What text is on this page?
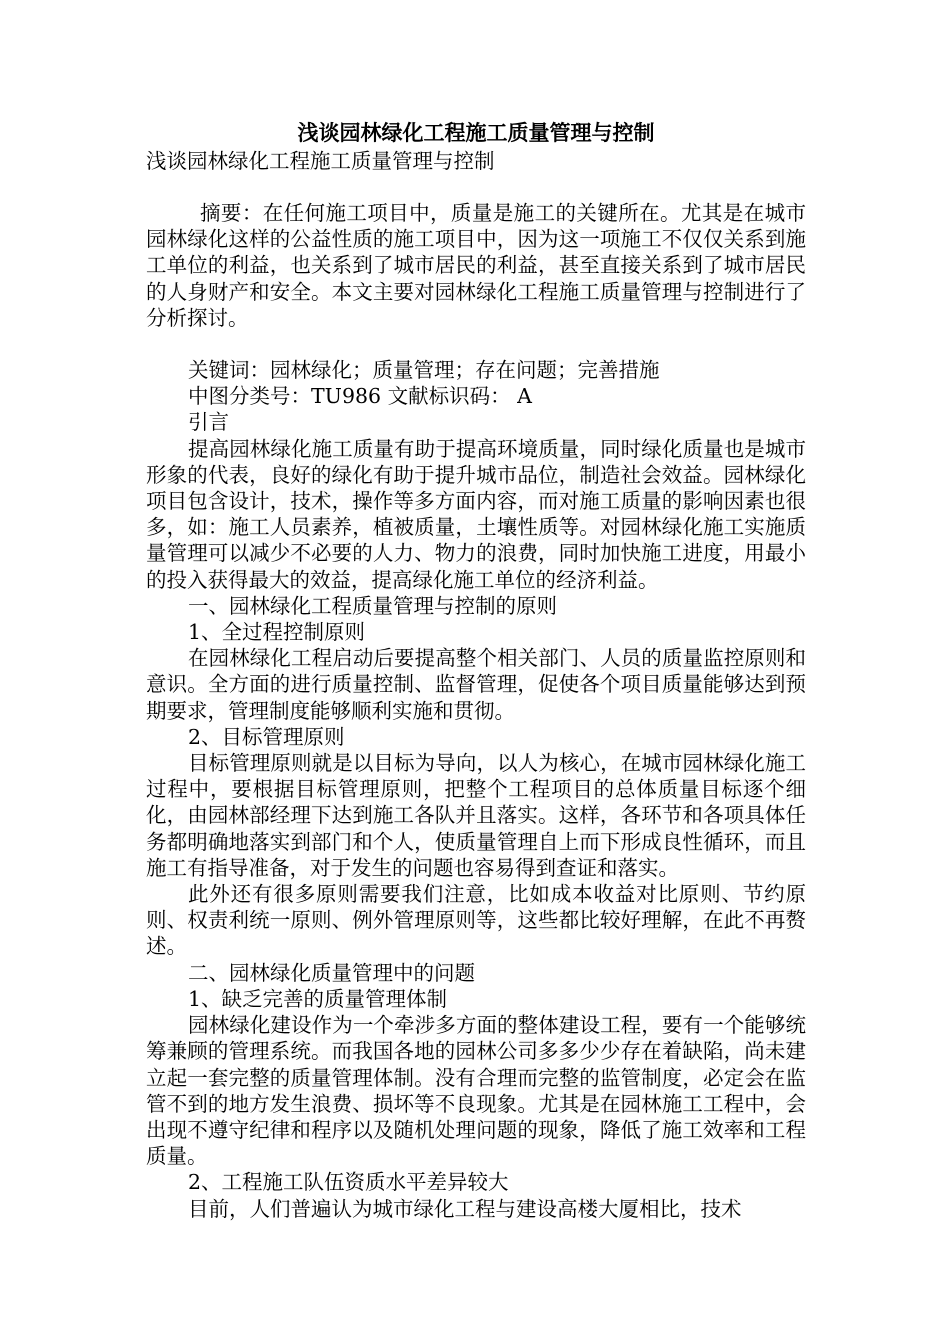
浅谈园林绿化工程施工质量管理与控制

浅谈园林绿化工程施工质量管理与控制

摘要：在任何施工项目中，质量是施工的关键所在。尤其是在城市园林绿化这样的公益性质的施工项目中，因为这一项施工不仅仅关系到施工单位的利益，也关系到了城市居民的利益，甚至直接关系到了城市居民的人身财产和安全。本文主要对园林绿化工程施工质量管理与控制进行了分析探讨。

关键词：园林绿化；质量管理；存在问题；完善措施

中图分类号：TU986 文献标识码： A

引言

提高园林绿化施工质量有助于提高环境质量，同时绿化质量也是城市形象的代表，良好的绿化有助于提升城市品位，制造社会效益。园林绿化项目包含设计，技术，操作等多方面内容，而对施工质量的影响因素也很多，如：施工人员素养，植被质量，土壤性质等。对园林绿化施工实施质量管理可以减少不必要的人力、物力的浪费，同时加快施工进度，用最小的投入获得最大的效益，提高绿化施工单位的经济利益。

一、园林绿化工程质量管理与控制的原则

1、全过程控制原则

在园林绿化工程启动后要提高整个相关部门、人员的质量监控原则和意识。全方面的进行质量控制、监督管理，促使各个项目质量能够达到预期要求，管理制度能够顺利实施和贯彻。

2、目标管理原则

目标管理原则就是以目标为导向，以人为核心，在城市园林绿化施工过程中，要根据目标管理原则，把整个工程项目的总体质量目标逐个细化，由园林部经理下达到施工各队并且落实。这样，各环节和各项具体任务都明确地落实到部门和个人，使质量管理自上而下形成良性循环，而且施工有指导准备，对于发生的问题也容易得到查证和落实。

此外还有很多原则需要我们注意，比如成本收益对比原则、节约原则、权责利统一原则、例外管理原则等，这些都比较好理解，在此不再赘述。

二、园林绿化质量管理中的问题

1、缺乏完善的质量管理体制

园林绿化建设作为一个牵涉多方面的整体建设工程，要有一个能够统筹兼顾的管理系统。而我国各地的园林公司多多少少存在着缺陷，尚未建立起一套完整的质量管理体制。没有合理而完整的监管制度，必定会在监管不到的地方发生浪费、损坏等不良现象。尤其是在园林施工工程中，会出现不遵守纪律和程序以及随机处理问题的现象，降低了施工效率和工程质量。

2、工程施工队伍资质水平差异较大

目前，人们普遍认为城市绿化工程与建设高楼大厦相比，技术
